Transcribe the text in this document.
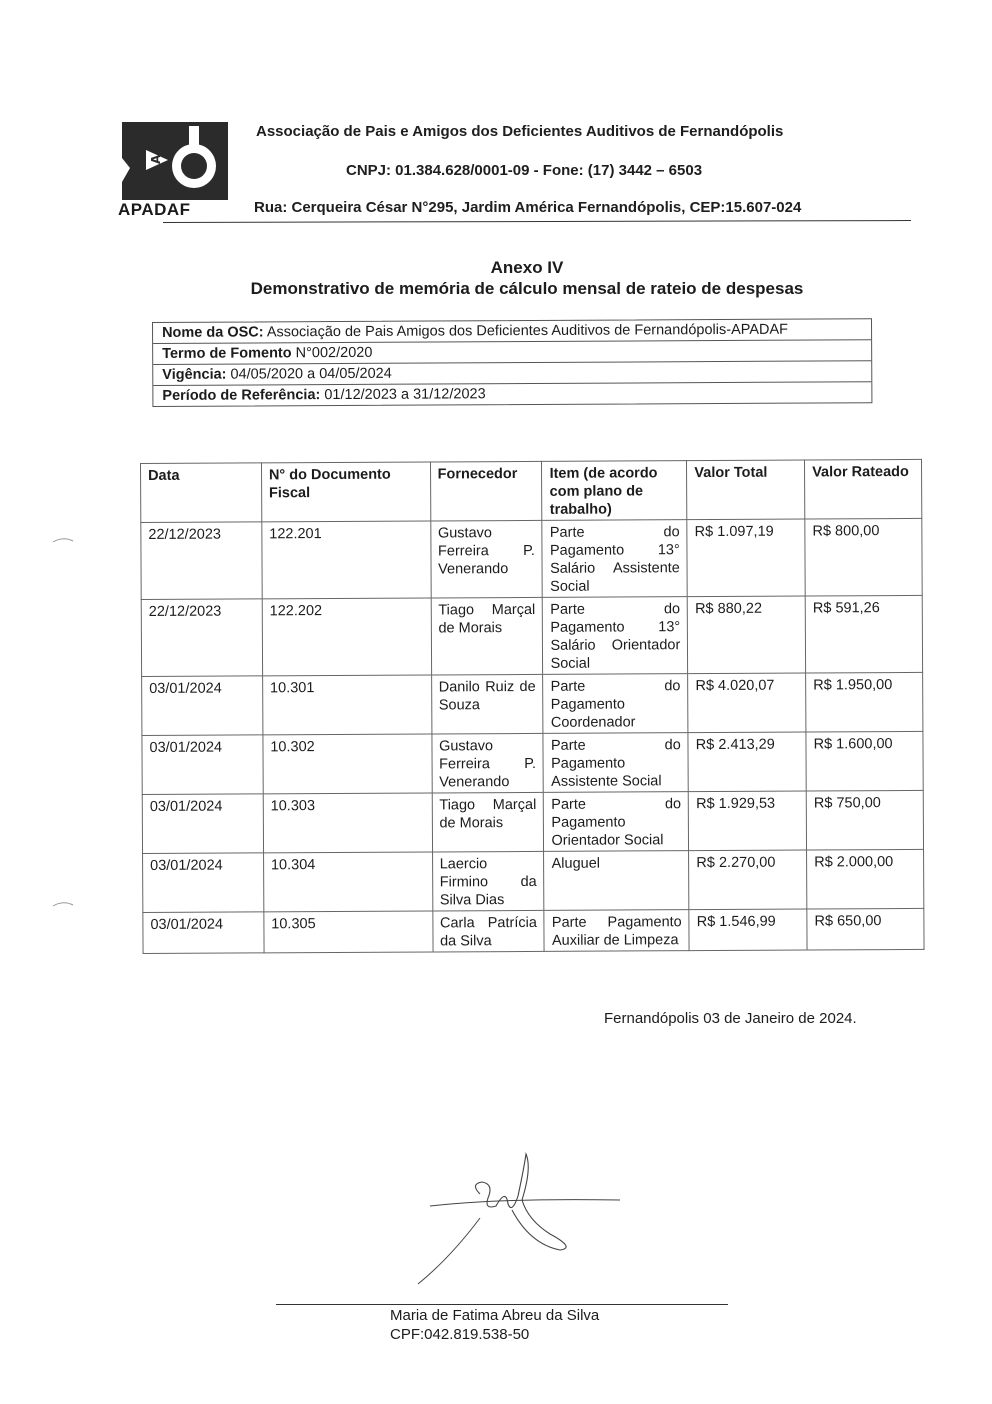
A
APADAF
Associação de Pais e Amigos dos Deficientes Auditivos de Fernandópolis
CNPJ: 01.384.628/0001-09 - Fone: (17) 3442 – 6503
Rua: Cerqueira César N°295, Jardim América Fernandópolis, CEP:15.607-024
Anexo IV
Demonstrativo de memória de cálculo mensal de rateio de despesas
Nome da OSC: Associação de Pais Amigos dos Deficientes Auditivos de Fernandópolis-APADAF
Termo de Fomento N°002/2020
Vigência: 04/05/2020 a 04/05/2024
Período de Referência: 01/12/2023 a 31/12/2023
Data	N° do Documento Fiscal	Fornecedor	Item (de acordo com plano de trabalho)	Valor Total	Valor Rateado
22/12/2023	122.201	Gustavo Ferreira P. Venerando	Parte do Pagamento 13° Salário Assistente Social	R$ 1.097,19	R$ 800,00
22/12/2023	122.202	Tiago Marçal de Morais	Parte do Pagamento 13° Salário Orientador Social	R$ 880,22	R$ 591,26
03/01/2024	10.301	Danilo Ruiz de Souza	Parte do Pagamento Coordenador	R$ 4.020,07	R$ 1.950,00
03/01/2024	10.302	Gustavo Ferreira P. Venerando	Parte do Pagamento Assistente Social	R$ 2.413,29	R$ 1.600,00
03/01/2024	10.303	Tiago Marçal de Morais	Parte do Pagamento Orientador Social	R$ 1.929,53	R$ 750,00
03/01/2024	10.304	Laercio Firmino da Silva Dias	Aluguel	R$ 2.270,00	R$ 2.000,00
03/01/2024	10.305	Carla Patrícia da Silva	Parte Pagamento Auxiliar de Limpeza	R$ 1.546,99	R$ 650,00
Fernandópolis 03 de Janeiro de 2024.
Maria de Fatima Abreu da Silva
CPF:042.819.538-50
